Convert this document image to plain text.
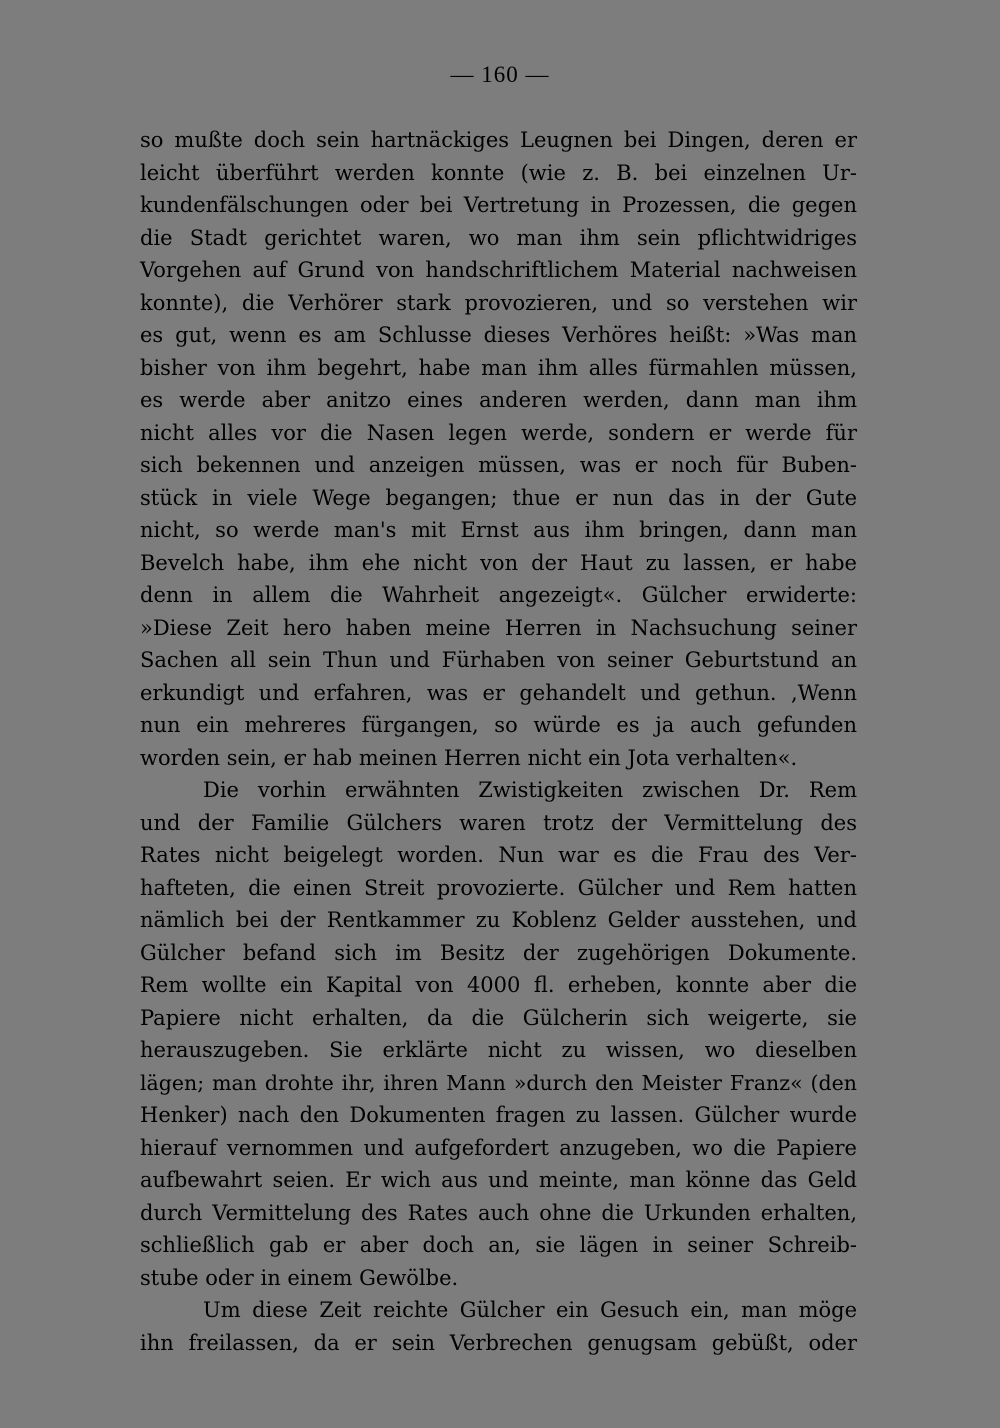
— 160 —
so mußte doch sein hartnäckiges Leugnen bei Dingen, deren er
leicht überführt werden konnte (wie z. B. bei einzelnen Ur-
kundenfälschungen oder bei Vertretung in Prozessen, die gegen
die Stadt gerichtet waren, wo man ihm sein pflichtwidriges
Vorgehen auf Grund von handschriftlichem Material nachweisen
konnte), die Verhörer stark provozieren, und so verstehen wir
es gut, wenn es am Schlusse dieses Verhöres heißt: »Was man
bisher von ihm begehrt, habe man ihm alles fürmahlen müssen,
es werde aber anitzo eines anderen werden, dann man ihm
nicht alles vor die Nasen legen werde, sondern er werde für
sich bekennen und anzeigen müssen, was er noch für Buben-
stück in viele Wege begangen; thue er nun das in der Gute
nicht, so werde man's mit Ernst aus ihm bringen, dann man
Bevelch habe, ihm ehe nicht von der Haut zu lassen, er habe
denn in allem die Wahrheit angezeigt«. Gülcher erwiderte:
»Diese Zeit hero haben meine Herren in Nachsuchung seiner
Sachen all sein Thun und Fürhaben von seiner Geburtstund an
erkundigt und erfahren, was er gehandelt und gethun. ,Wenn
nun ein mehreres fürgangen, so würde es ja auch gefunden
worden sein, er hab meinen Herren nicht ein Jota verhalten«.
Die vorhin erwähnten Zwistigkeiten zwischen Dr. Rem
und der Familie Gülchers waren trotz der Vermittelung des
Rates nicht beigelegt worden. Nun war es die Frau des Ver-
hafteten, die einen Streit provozierte. Gülcher und Rem hatten
nämlich bei der Rentkammer zu Koblenz Gelder ausstehen, und
Gülcher befand sich im Besitz der zugehörigen Dokumente.
Rem wollte ein Kapital von 4000 fl. erheben, konnte aber die
Papiere nicht erhalten, da die Gülcherin sich weigerte, sie
herauszugeben. Sie erklärte nicht zu wissen, wo dieselben
lägen; man drohte ihr, ihren Mann »durch den Meister Franz« (den
Henker) nach den Dokumenten fragen zu lassen. Gülcher wurde
hierauf vernommen und aufgefordert anzugeben, wo die Papiere
aufbewahrt seien. Er wich aus und meinte, man könne das Geld
durch Vermittelung des Rates auch ohne die Urkunden erhalten,
schließlich gab er aber doch an, sie lägen in seiner Schreib-
stube oder in einem Gewölbe.
Um diese Zeit reichte Gülcher ein Gesuch ein, man möge
ihn freilassen, da er sein Verbrechen genugsam gebüßt, oder
